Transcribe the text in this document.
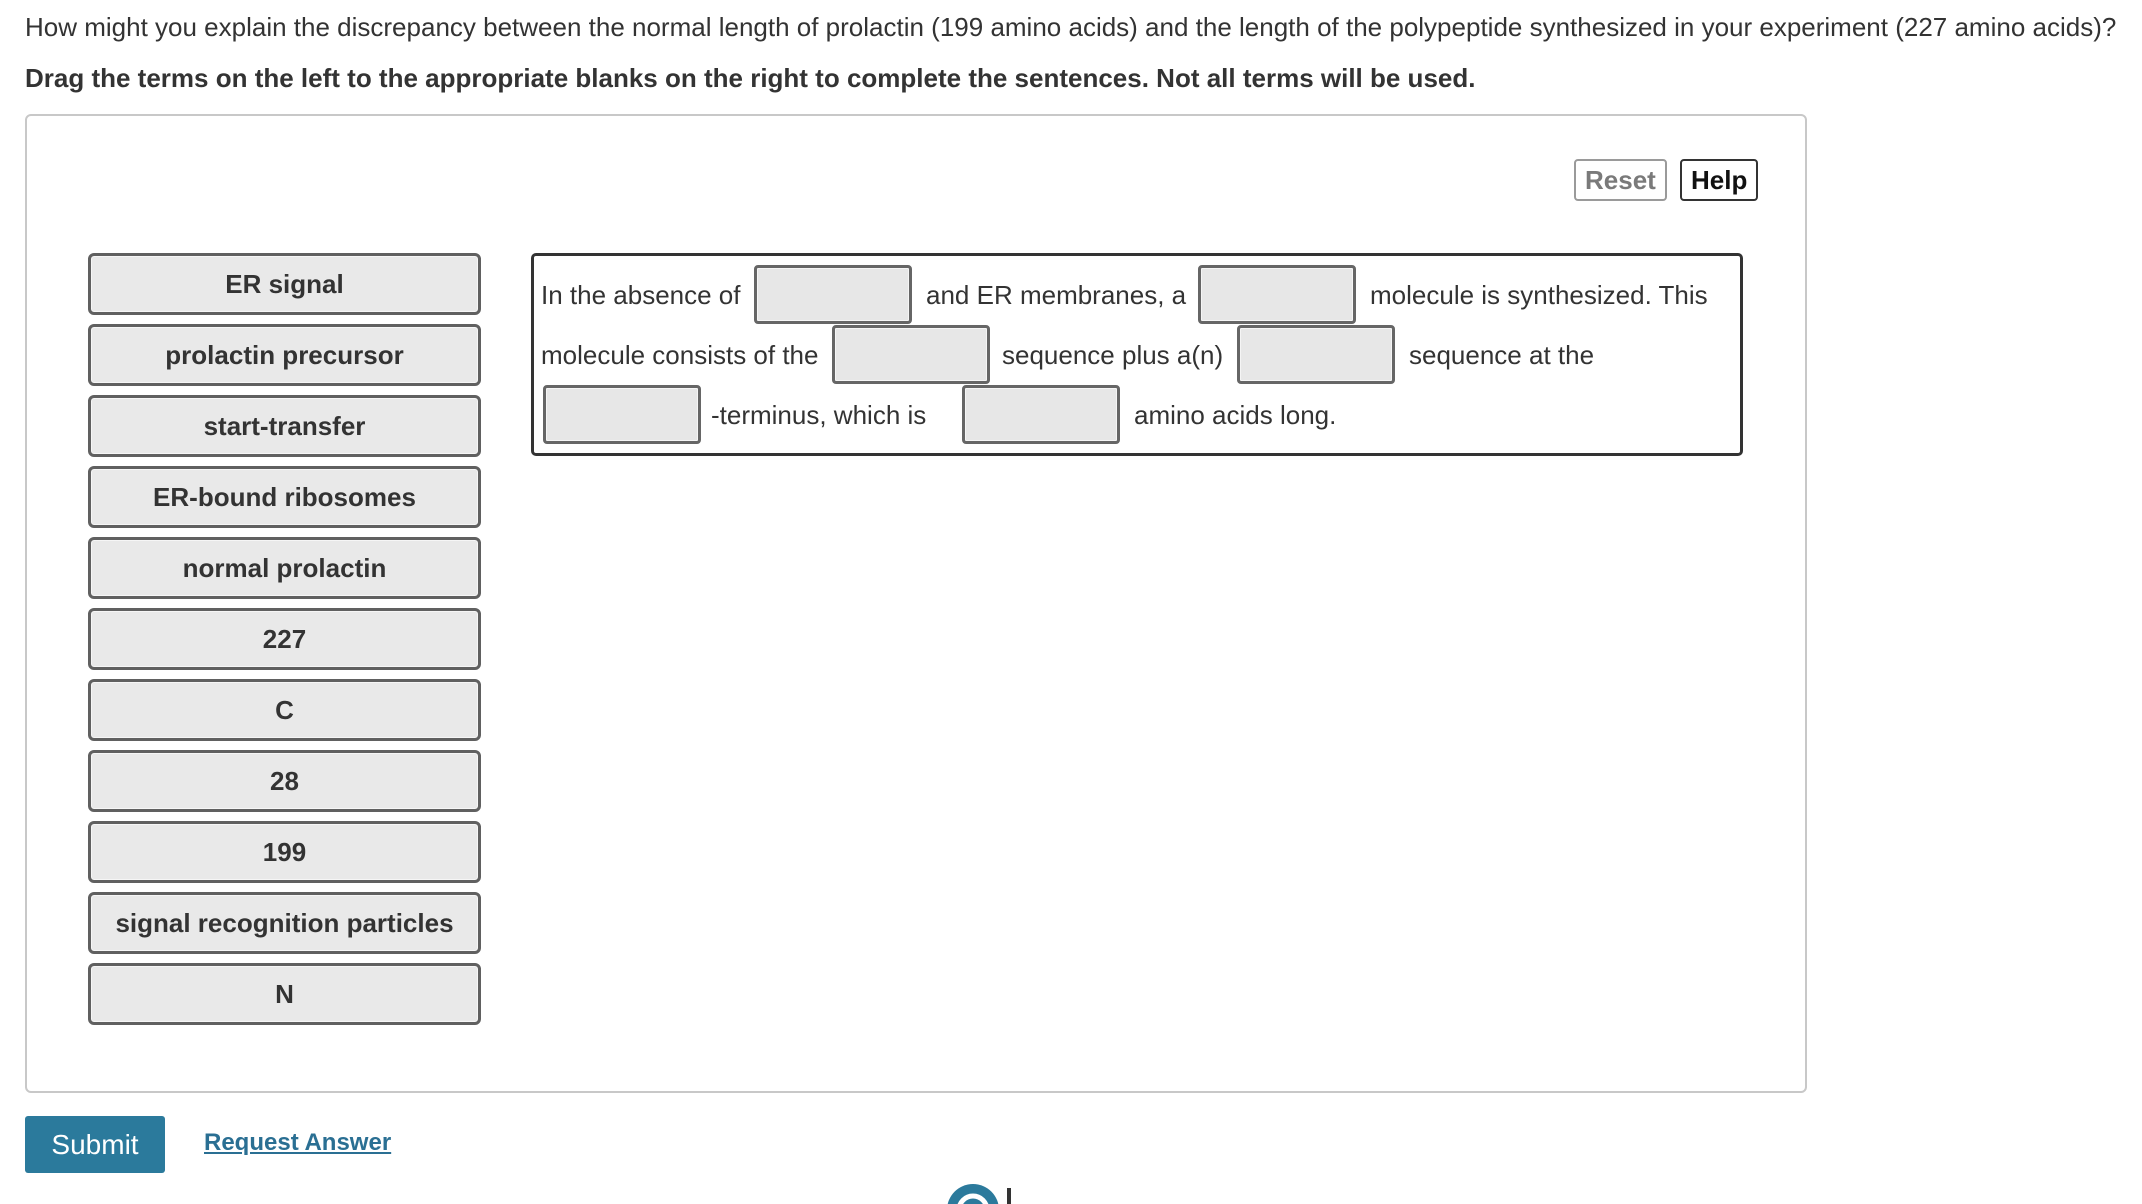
How might you explain the discrepancy between the normal length of prolactin (199 amino acids) and the length of the polypeptide synthesized in your experiment (227 amino acids)?
Drag the terms on the left to the appropriate blanks on the right to complete the sentences. Not all terms will be used.
Reset	Help
ER signal
prolactin precursor
start-transfer
ER-bound ribosomes
normal prolactin
227
C
28
199
signal recognition particles
N
In the absence of	and ER membranes, a	molecule is synthesized. This
molecule consists of the	sequence plus a(n)	sequence at the
-terminus, which is	amino acids long.
Submit	Request Answer
